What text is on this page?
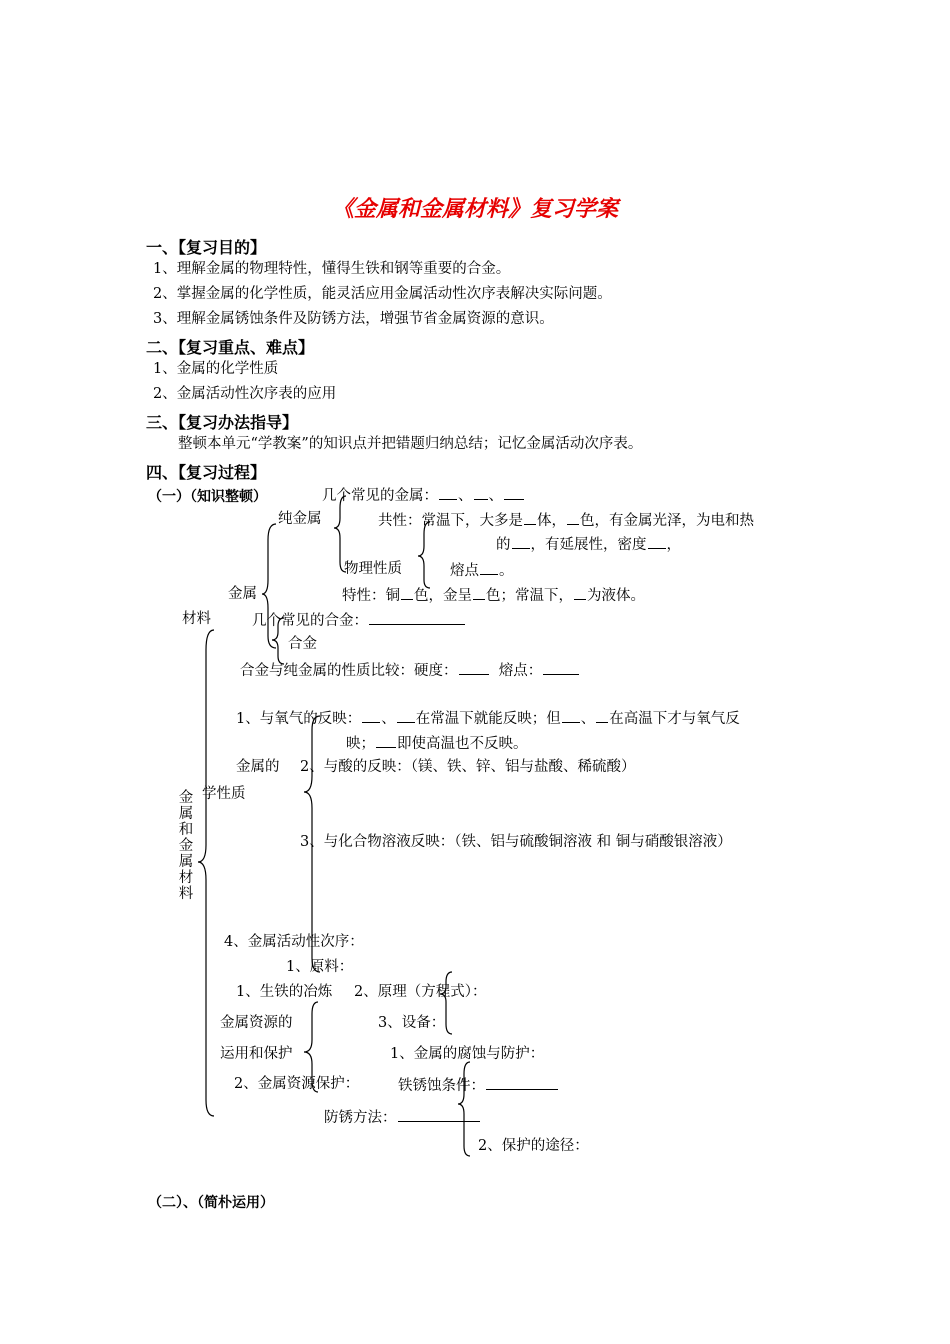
《金属和金属材料》复习学案
一、【复习目的】
1、理解金属的物理特性，懂得生铁和钢等重要的合金。
2、掌握金属的化学性质，能灵活应用金属活动性次序表解决实际问题。
3、理解金属锈蚀条件及防锈方法，增强节省金属资源的意识。
二、【复习重点、难点】
1、金属的化学性质
2、金属活动性次序表的应用
三、【复习办法指导】
整顿本单元“学教案”的知识点并把错题归纳总结；记忆金属活动次序表。
四、【复习过程】
（一）（知识整顿）	几个常见的金属： 、 、
纯金属	共性：常温下，大多是 体， 色，有金属光泽，为电和热
的 ，有延展性，密度 ，
物理性质	熔点 。
金属	特性：铜 色，金呈 色；常温下， 为液体。
材料	几个常见的合金：
合金
合金与纯金属的性质比较：硬度：	熔点：
1、与氧气的反映： 、 在常温下就能反映；但 、 在高温下才与氧气反
映； 即使高温也不反映。
金属的 2、与酸的反映：（镁、铁、锌、铝与盐酸、稀硫酸）
学性质
金
属
和
金
属
材
料
3、与化合物溶液反映：（铁、铝与硫酸铜溶液 和 铜与硝酸银溶液）
4、金属活动性次序：
1、原料：
1、生铁的冶炼 2、原理（方程式）：
金属资源的	3、设备：
运用和保护	1、金属的腐蚀与防护：
2、金属资源保护：	铁锈蚀条件：
防锈方法：
2、保护的途径：
（二）、（简朴运用）
